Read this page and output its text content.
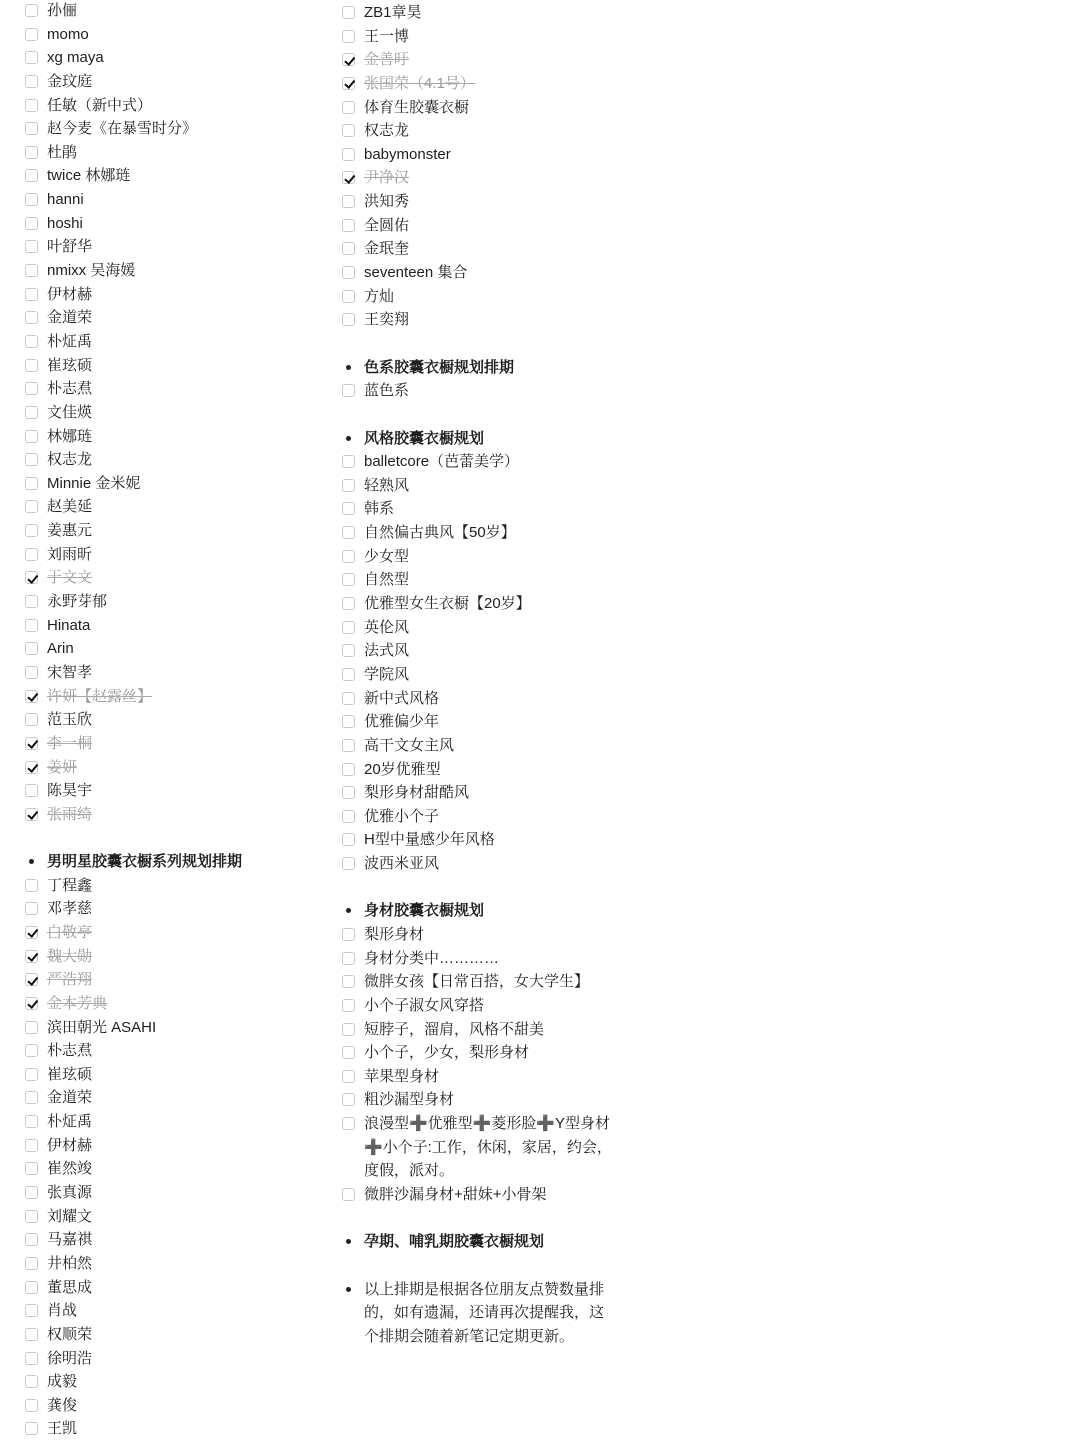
孙俪
momo
xg maya
金玟庭
任敏（新中式）
赵今麦《在暴雪时分》
杜鹃
twice 林娜琏
hanni
hoshi
叶舒华
nmixx 吴海媛
伊材赫
金道荣
朴炡禹
崔玹硕
朴志焄
文佳煐
林娜琏
权志龙
Minnie 金米妮
赵美延
姜惠元
刘雨昕
于文文
永野芽郁
Hinata
Arin
宋智孝
许妍【赵露丝】
范玉欣
李一桐
姜妍
陈昊宇
张雨绮
男明星胶囊衣橱系列规划排期
丁程鑫
邓孝慈
白敬亭
魏大勋
严浩翔
金本芳典
滨田朝光 ASAHI
朴志焄
崔玹硕
金道荣
朴炡禹
伊材赫
崔然竣
张真源
刘耀文
马嘉祺
井柏然
董思成
肖战
权顺荣
徐明浩
成毅
龚俊
王凯
ZB1章昊
王一博
金善旴
张国荣（4.1号）
体育生胶囊衣橱
权志龙
babymonster
尹净汉
洪知秀
全圆佑
金珉奎
seventeen 集合
方灿
王奕翔
色系胶囊衣橱规划排期
蓝色系
风格胶囊衣橱规划
balletcore（芭蕾美学）
轻熟风
韩系
自然偏古典风【50岁】
少女型
自然型
优雅型女生衣橱【20岁】
英伦风
法式风
学院风
新中式风格
优雅偏少年
高干文女主风
20岁优雅型
梨形身材甜酷风
优雅小个子
H型中量感少年风格
波西米亚风
身材胶囊衣橱规划
梨形身材
身材分类中…………
微胖女孩【日常百搭，女大学生】
小个子淑女风穿搭
短脖子，溜肩，风格不甜美
小个子，少女，梨形身材
苹果型身材
粗沙漏型身材
浪漫型➕优雅型➕菱形脸➕Y型身材➕小个子:工作，休闲，家居，约会，度假，派对。
微胖沙漏身材+甜妹+小骨架
孕期、哺乳期胶囊衣橱规划
以上排期是根据各位朋友点赞数量排的，如有遗漏，还请再次提醒我，这个排期会随着新笔记定期更新。
